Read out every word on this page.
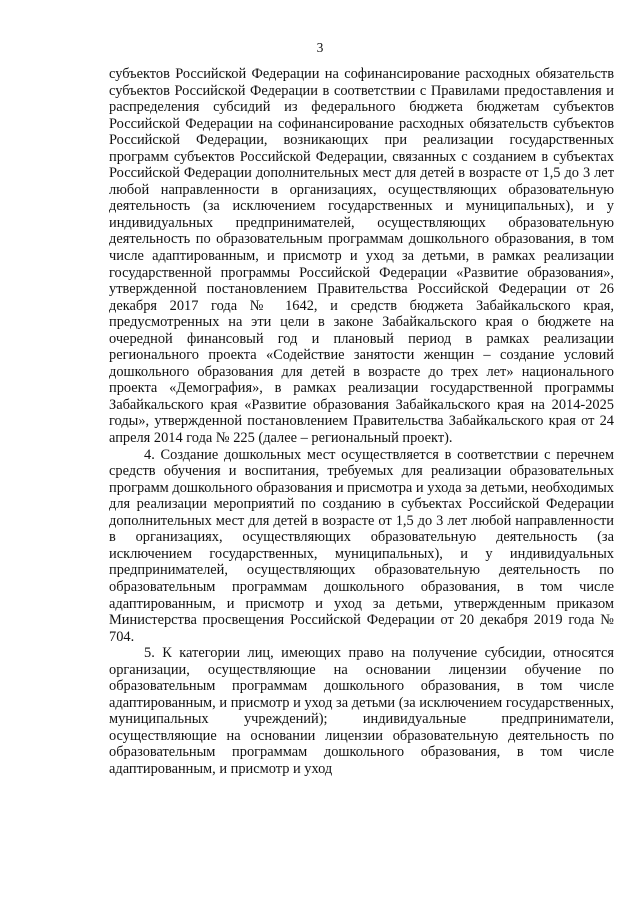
3

субъектов Российской Федерации на софинансирование расходных обязательств субъектов Российской Федерации в соответствии с Правилами предоставления и распределения субсидий из федерального бюджета бюджетам субъектов Российской Федерации на софинансирование расходных обязательств субъектов Российской Федерации, возникающих при реализации государственных программ субъектов Российской Федерации, связанных с созданием в субъектах Российской Федерации дополнительных мест для детей в возрасте от 1,5 до 3 лет любой направленности в организациях, осуществляющих образовательную деятельность (за исключением государственных и муниципальных), и у индивидуальных предпринимателей, осуществляющих образовательную деятельность по образовательным программам дошкольного образования, в том числе адаптированным, и присмотр и уход за детьми, в рамках реализации государственной программы Российской Федерации «Развитие образования», утвержденной постановлением Правительства Российской Федерации от 26 декабря 2017 года № 1642, и средств бюджета Забайкальского края, предусмотренных на эти цели в законе Забайкальского края о бюджете на очередной финансовый год и плановый период в рамках реализации регионального проекта «Содействие занятости женщин – создание условий дошкольного образования для детей в возрасте до трех лет» национального проекта «Демография», в рамках реализации государственной программы Забайкальского края «Развитие образования Забайкальского края на 2014-2025 годы», утвержденной постановлением Правительства Забайкальского края от 24 апреля 2014 года № 225 (далее – региональный проект).

4. Создание дошкольных мест осуществляется в соответствии с перечнем средств обучения и воспитания, требуемых для реализации образовательных программ дошкольного образования и присмотра и ухода за детьми, необходимых для реализации мероприятий по созданию в субъектах Российской Федерации дополнительных мест для детей в возрасте от 1,5 до 3 лет любой направленности в организациях, осуществляющих образовательную деятельность (за исключением государственных, муниципальных), и у индивидуальных предпринимателей, осуществляющих образовательную деятельность по образовательным программам дошкольного образования, в том числе адаптированным, и присмотр и уход за детьми, утвержденным приказом Министерства просвещения Российской Федерации от 20 декабря 2019 года № 704.

5. К категории лиц, имеющих право на получение субсидии, относятся организации, осуществляющие на основании лицензии обучение по образовательным программам дошкольного образования, в том числе адаптированным, и присмотр и уход за детьми (за исключением государственных, муниципальных учреждений); индивидуальные предприниматели, осуществляющие на основании лицензии образовательную деятельность по образовательным программам дошкольного образования, в том числе адаптированным, и присмотр и уход
